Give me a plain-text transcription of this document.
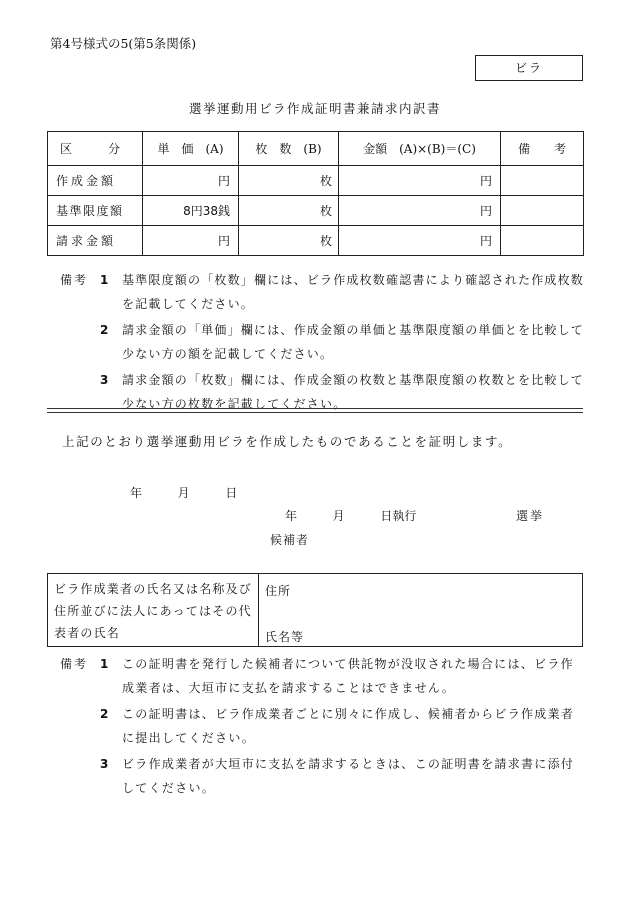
第4号様式の5(第5条関係)
ビラ
選挙運動用ビラ作成証明書兼請求内訳書
区　　　分	単　価　(A)	枚　数　(B)	金額　(A)×(B)＝(C)	備　　考
作成金額	円	枚	円	
基準限度額	8円38銭	枚	円	
請求金額	円	枚	円	
備考 1	基準限度額の「枚数」欄には、ビラ作成枚数確認書により確認された作成枚数を記載してください。
2	請求金額の「単価」欄には、作成金額の単価と基準限度額の単価とを比較して少ない方の額を記載してください。
3	請求金額の「枚数」欄には、作成金額の枚数と基準限度額の枚数とを比較して少ない方の枚数を記載してください。
上記のとおり選挙運動用ビラを作成したものであることを証明します。
年	月	日
年	月	日執行	選挙
候補者
ビラ作成業者の氏名又は名称及び住所並びに法人にあってはその代表者の氏名
住所
氏名等
備考 1	この証明書を発行した候補者について供託物が没収された場合には、ビラ作成業者は、大垣市に支払を請求することはできません。
2	この証明書は、ビラ作成業者ごとに別々に作成し、候補者からビラ作成業者に提出してください。
3	ビラ作成業者が大垣市に支払を請求するときは、この証明書を請求書に添付してください。
